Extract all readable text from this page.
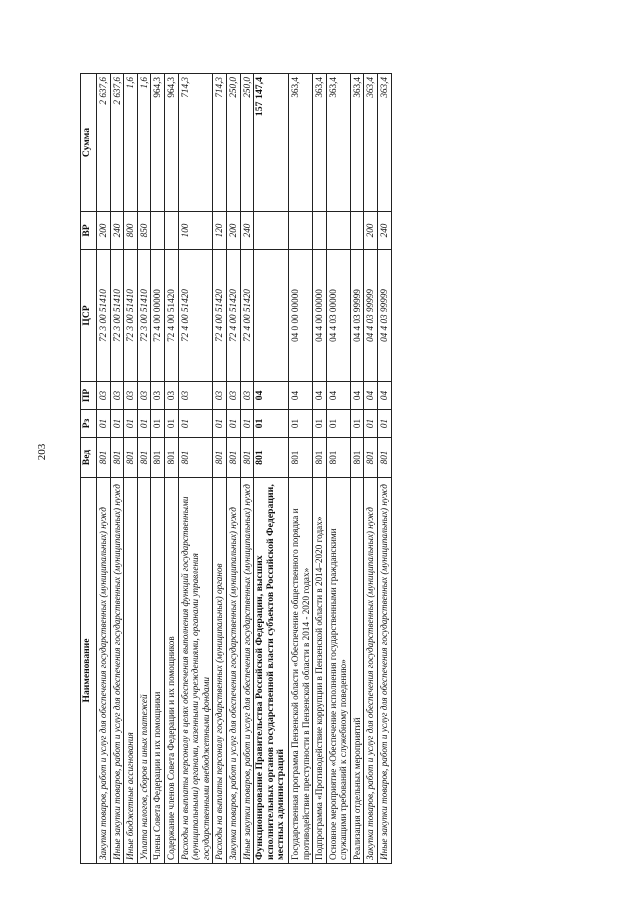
203
Наименование	Вед	Рз	ПР	ЦСР	ВР	Сумма
Закупка товаров, работ и услуг для обеспечения государственных (муниципальных) нужд	801	01	03	72 3 00 51410	200	2 637,6
Иные закупки товаров, работ и услуг для обеспечения государственных (муниципальных) нужд	801	01	03	72 3 00 51410	240	2 637,6
Иные бюджетные ассигнования	801	01	03	72 3 00 51410	800	1,6
Уплата налогов, сборов и иных платежей	801	01	03	72 3 00 51410	850	1,6
Члены Совета Федерации и их помощники	801	01	03	72 4 00 00000		964,3
Содержание членов Совета Федерации и их помощников	801	01	03	72 4 00 51420		964,3
Расходы на выплаты персоналу в целях обеспечения выполнения функций государственными (муниципальными) органами, казенными учреждениями, органами управления государственными внебюджетными фондами	801	01	03	72 4 00 51420	100	714,3
Расходы на выплаты персоналу государственных (муниципальных) органов	801	01	03	72 4 00 51420	120	714,3
Закупка товаров, работ и услуг для обеспечения государственных (муниципальных) нужд	801	01	03	72 4 00 51420	200	250,0
Иные закупки товаров, работ и услуг для обеспечения государственных (муниципальных) нужд	801	01	03	72 4 00 51420	240	250,0
Функционирование Правительства Российской Федерации, высших исполнительных органов государственной власти субъектов Российской Федерации, местных администраций	801	01	04			157 147,4
Государственная программа Пензенской области «Обеспечение общественного порядка и противодействие преступности в Пензенской области в 2014 - 2020 годах»	801	01	04	04 0 00 00000		363,4
Подпрограмма «Противодействие коррупции в Пензенской области в 2014–2020 годах»	801	01	04	04 4 00 00000		363,4
Основное мероприятие «Обеспечение исполнения государственными гражданскими служащими требований к служебному поведению»	801	01	04	04 4 03 00000		363,4
Реализация отдельных мероприятий	801	01	04	04 4 03 99999		363,4
Закупка товаров, работ и услуг для обеспечения государственных (муниципальных) нужд	801	01	04	04 4 03 99999	200	363,4
Иные закупки товаров, работ и услуг для обеспечения государственных (муниципальных) нужд	801	01	04	04 4 03 99999	240	363,4
